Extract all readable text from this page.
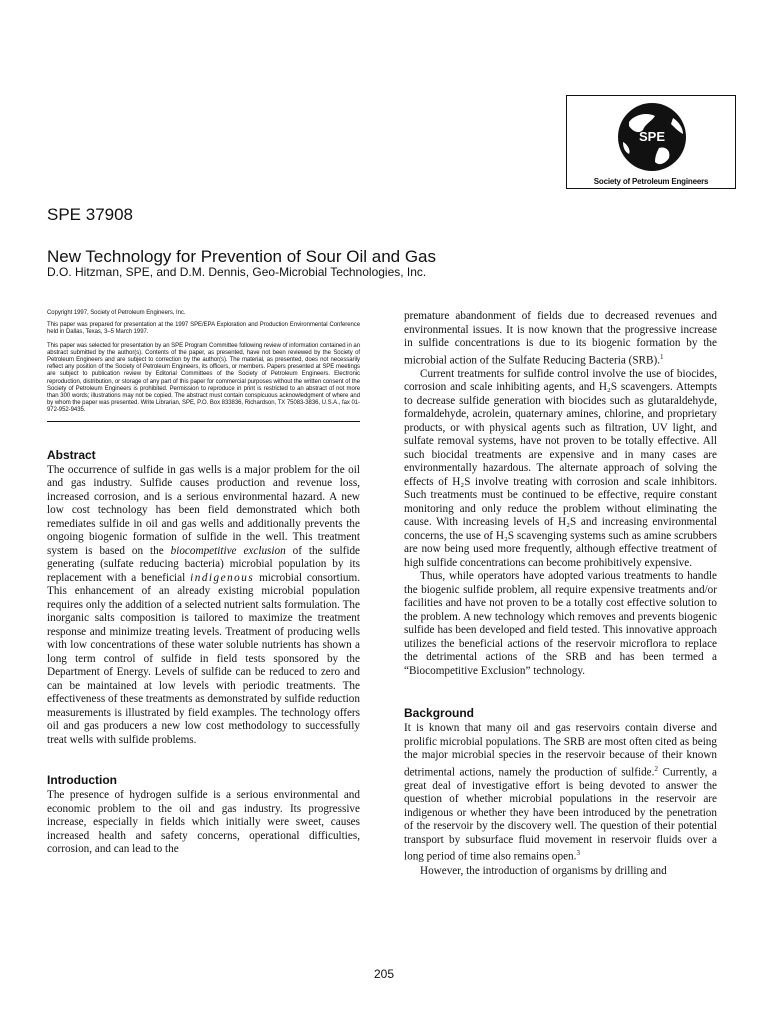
SPE
Society of Petroleum Engineers
SPE 37908
New Technology for Prevention of Sour Oil and Gas
D.O. Hitzman, SPE, and D.M. Dennis, Geo-Microbial Technologies, Inc.

Copyright 1997, Society of Petroleum Engineers, Inc.

This paper was prepared for presentation at the 1997 SPE/EPA Exploration and Production Environmental Conference held in Dallas, Texas, 3–5 March 1997.

This paper was selected for presentation by an SPE Program Committee following review of information contained in an abstract submitted by the author(s). Contents of the paper, as presented, have not been reviewed by the Society of Petroleum Engineers and are subject to correction by the author(s). The material, as presented, does not necessarily reflect any position of the Society of Petroleum Engineers, its officers, or members. Papers presented at SPE meetings are subject to publication review by Editorial Committees of the Society of Petroleum Engineers. Electronic reproduction, distribution, or storage of any part of this paper for commercial purposes without the written consent of the Society of Petroleum Engineers is prohibited. Permission to reproduce in print is restricted to an abstract of not more than 300 words; illustrations may not be copied. The abstract must contain conspicuous acknowledgment of where and by whom the paper was presented. Write Librarian, SPE, P.O. Box 833836, Richardson, TX 75083-3836, U.S.A., fax 01-972-952-9435.

Abstract

The occurrence of sulfide in gas wells is a major problem for the oil and gas industry. Sulfide causes production and revenue loss, increased corrosion, and is a serious environmental hazard. A new low cost technology has been field demonstrated which both remediates sulfide in oil and gas wells and additionally prevents the ongoing biogenic formation of sulfide in the well. This treatment system is based on the biocompetitive exclusion of the sulfide generating (sulfate reducing bacteria) microbial population by its replacement with a beneficial indigenous microbial consortium. This enhancement of an already existing microbial population requires only the addition of a selected nutrient salts formulation. The inorganic salts composition is tailored to maximize the treatment response and minimize treating levels. Treatment of producing wells with low concentrations of these water soluble nutrients has shown a long term control of sulfide in field tests sponsored by the Department of Energy. Levels of sulfide can be reduced to zero and can be maintained at low levels with periodic treatments. The effectiveness of these treatments as demonstrated by sulfide reduction measurements is illustrated by field examples. The technology offers oil and gas producers a new low cost methodology to successfully treat wells with sulfide problems.

Introduction

The presence of hydrogen sulfide is a serious environmental and economic problem to the oil and gas industry. Its progressive increase, especially in fields which initially were sweet, causes increased health and safety concerns, operational difficulties, corrosion, and can lead to the

premature abandonment of fields due to decreased revenues and environmental issues. It is now known that the progressive increase in sulfide concentrations is due to its biogenic formation by the microbial action of the Sulfate Reducing Bacteria (SRB).$^1$

Current treatments for sulfide control involve the use of biocides, corrosion and scale inhibiting agents, and H₂S scavengers. Attempts to decrease sulfide generation with biocides such as glutaraldehyde, formaldehyde, acrolein, quaternary amines, chlorine, and proprietary products, or with physical agents such as filtration, UV light, and sulfate removal systems, have not proven to be totally effective. All such biocidal treatments are expensive and in many cases are environmentally hazardous. The alternate approach of solving the effects of H₂S involve treating with corrosion and scale inhibitors. Such treatments must be continued to be effective, require constant monitoring and only reduce the problem without eliminating the cause. With increasing levels of H₂S and increasing environmental concerns, the use of H₂S scavenging systems such as amine scrubbers are now being used more frequently, although effective treatment of high sulfide concentrations can become prohibitively expensive.

Thus, while operators have adopted various treatments to handle the biogenic sulfide problem, all require expensive treatments and/or facilities and have not proven to be a totally cost effective solution to the problem. A new technology which removes and prevents biogenic sulfide has been developed and field tested. This innovative approach utilizes the beneficial actions of the reservoir microflora to replace the detrimental actions of the SRB and has been termed a “Biocompetitive Exclusion” technology.

Background

It is known that many oil and gas reservoirs contain diverse and prolific microbial populations. The SRB are most often cited as being the major microbial species in the reservoir because of their known detrimental actions, namely the production of sulfide.$^2$ Currently, a great deal of investigative effort is being devoted to answer the question of whether microbial populations in the reservoir are indigenous or whether they have been introduced by the penetration of the reservoir by the discovery well. The question of their potential transport by subsurface fluid movement in reservoir fluids over a long period of time also remains open.$^3$

However, the introduction of organisms by drilling and

205
